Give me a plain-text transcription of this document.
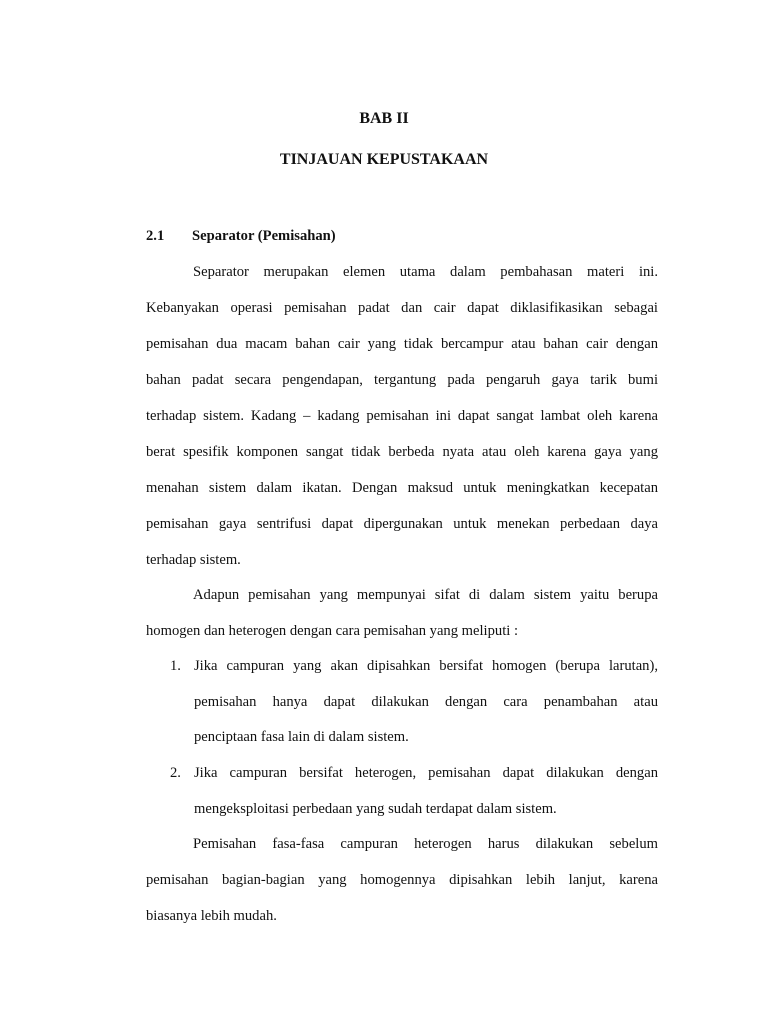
BAB II
TINJAUAN KEPUSTAKAAN
2.1 Separator (Pemisahan)

Separator merupakan elemen utama dalam pembahasan materi ini.

Kebanyakan operasi pemisahan padat dan cair dapat diklasifikasikan sebagai

pemisahan dua macam bahan cair yang tidak bercampur atau bahan cair dengan

bahan padat secara pengendapan, tergantung pada pengaruh gaya tarik bumi

terhadap sistem. Kadang – kadang pemisahan ini dapat sangat lambat oleh karena

berat spesifik komponen sangat tidak berbeda nyata atau oleh karena gaya yang

menahan sistem dalam ikatan. Dengan maksud untuk meningkatkan kecepatan

pemisahan gaya sentrifusi dapat dipergunakan untuk menekan perbedaan daya

terhadap sistem.

Adapun pemisahan yang mempunyai sifat di dalam sistem yaitu berupa

homogen dan heterogen dengan cara pemisahan yang meliputi :

1. Jika campuran yang akan dipisahkan bersifat homogen (berupa larutan),

pemisahan hanya dapat dilakukan dengan cara penambahan atau

penciptaan fasa lain di dalam sistem.

2. Jika campuran bersifat heterogen, pemisahan dapat dilakukan dengan

mengeksploitasi perbedaan yang sudah terdapat dalam sistem.

Pemisahan fasa-fasa campuran heterogen harus dilakukan sebelum

pemisahan bagian-bagian yang homogennya dipisahkan lebih lanjut, karena

biasanya lebih mudah.
